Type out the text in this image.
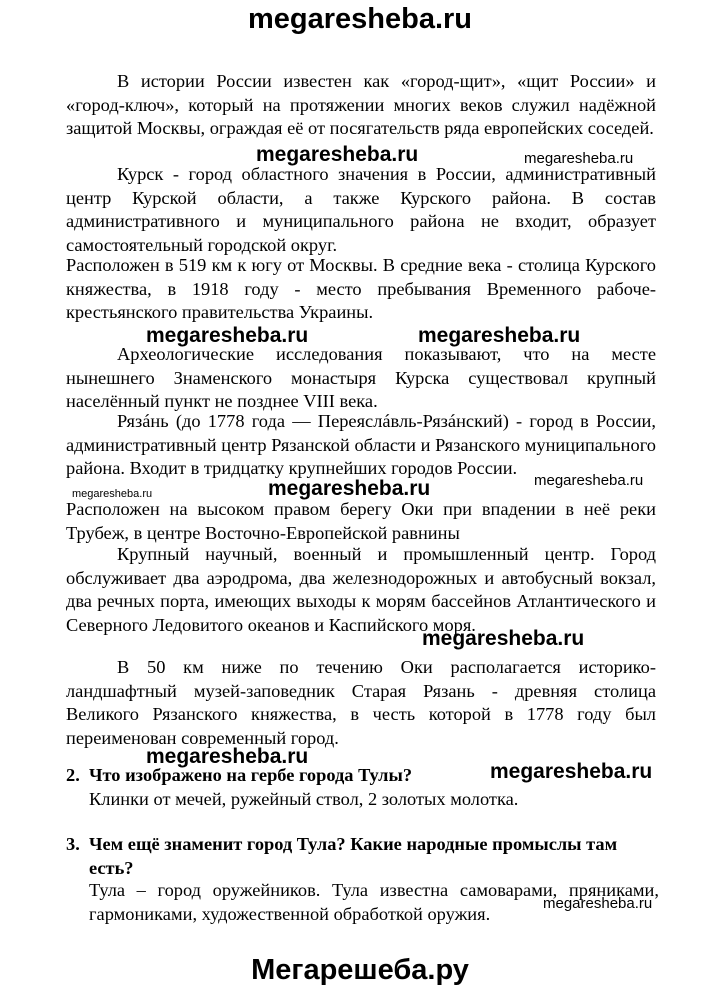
megaresheba.ru
В истории России известен как «город-щит», «щит России» и «город-ключ», который на протяжении многих веков служил надёжной защитой Москвы, ограждая её от посягательств ряда европейских соседей.
Курск - город областного значения в России, административный центр Курской области, а также Курского района. В состав административного и муниципального района не входит, образует самостоятельный городской округ.
Расположен в 519 км к югу от Москвы. В средние века - столица Курского княжества, в 1918 году - место пребывания Временного рабоче-крестьянского правительства Украины.
Археологические исследования показывают, что на месте нынешнего Знаменского монастыря Курска существовал крупный населённый пункт не позднее VIII века.
Рязáнь (до 1778 года — Переяслáвль-Рязáнский) - город в России, административный центр Рязанской области и Рязанского муниципального района. Входит в тридцатку крупнейших городов России.
Расположен на высоком правом берегу Оки при впадении в неё реки Трубеж, в центре Восточно-Европейской равнины
Крупный научный, военный и промышленный центр. Город обслуживает два аэродрома, два железнодорожных и автобусный вокзал, два речных порта, имеющих выходы к морям бассейнов Атлантического и Северного Ледовитого океанов и Каспийского моря.
В 50 км ниже по течению Оки располагается историко-ландшафтный музей-заповедник Старая Рязань - древняя столица Великого Рязанского княжества, в честь которой в 1778 году был переименован современный город.
2. Что изображено на гербе города Тулы?
Клинки от мечей, ружейный ствол, 2 золотых молотка.
3. Чем ещё знаменит город Тула? Какие народные промыслы там есть?
Тула – город оружейников. Тула известна самоварами, пряниками, гармониками, художественной обработкой оружия.
megaresheba.ru	megaresheba.ru
megaresheba.ru	megaresheba.ru
megaresheba.ru	megaresheba.ru	megaresheba.ru
megaresheba.ru
megaresheba.ru
megaresheba.ru
megaresheba.ru
Мегарешеба.ру
